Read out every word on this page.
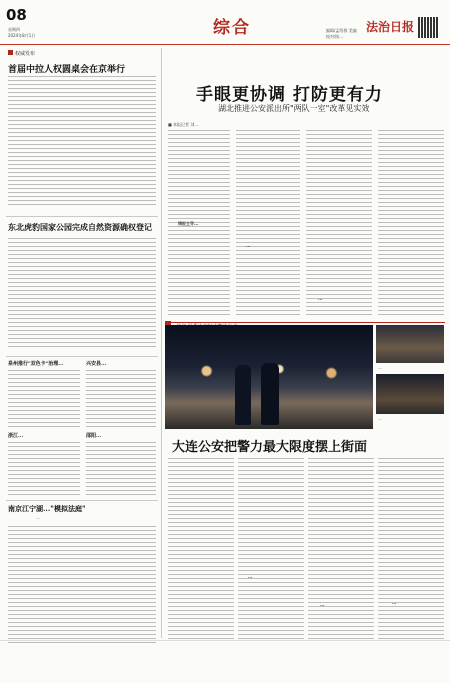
08
星期四
2024年8月1日	综合	编辑/孟绍群 美编
校对/陈...
法治日报
权威发布
首届中拉人权圆桌会在京举行
东北虎豹国家公园完成自然资源确权登记
泉州推行"双色卡"治理...	兴安县...
浙江...	邵阳...
南京江宁湖..."模拟法庭"
...
手眼更协调 打防更有力
湖北推进公安派出所"两队一室"改革见实效
■ 本报记者 刘...
情报主导...
...
...
...
...
大连公安把警力最大限度摆上街面
...
...	...
